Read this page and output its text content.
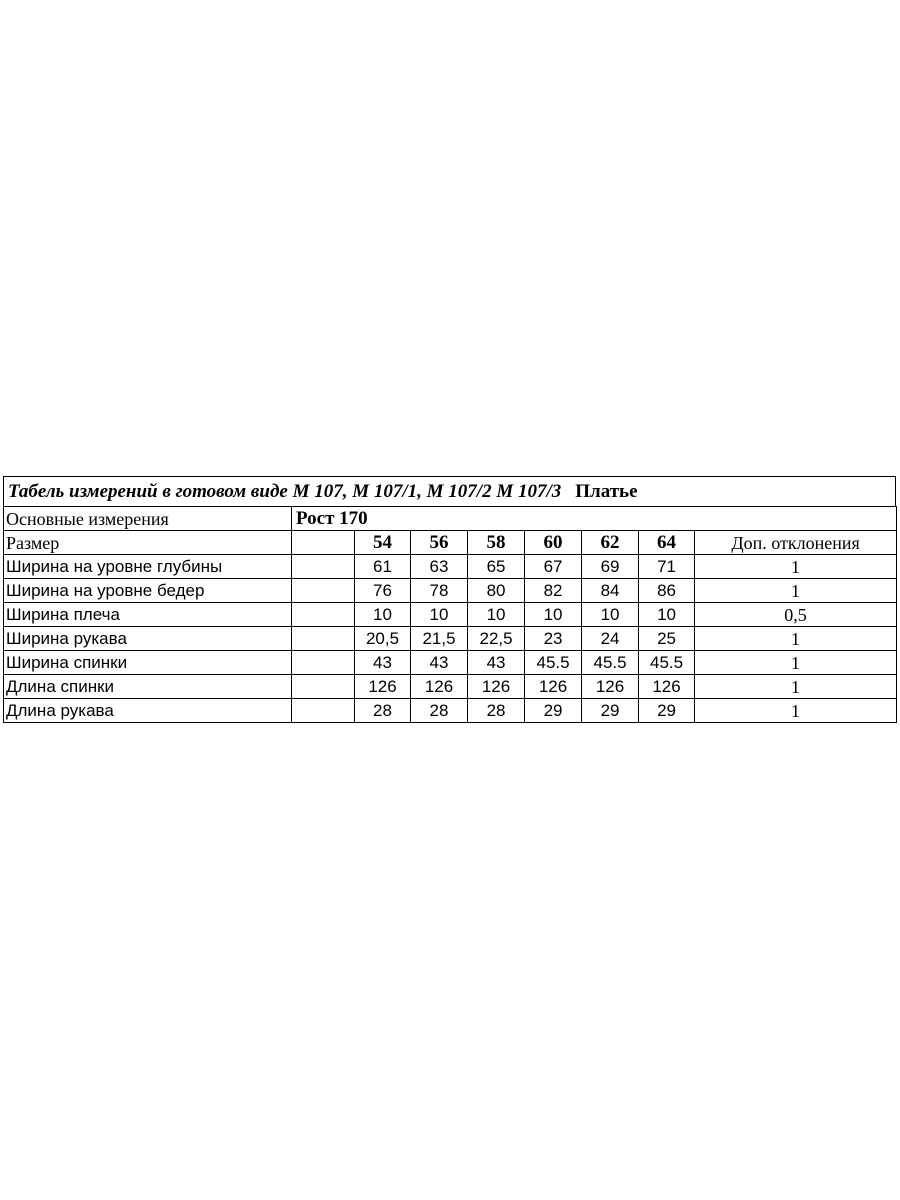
Табель измерений в готовом виде М 107, М 107/1, М 107/2 М 107/3 Платье
Основные измерения	Рост 170							
Размер		54	56	58	60	62	64	Доп. отклонения
Ширина на уровне глубины		61	63	65	67	69	71	1
Ширина на уровне бедер		76	78	80	82	84	86	1
Ширина плеча		10	10	10	10	10	10	0,5
Ширина рукава		20,5	21,5	22,5	23	24	25	1
Ширина спинки		43	43	43	45.5	45.5	45.5	1
Длина спинки		126	126	126	126	126	126	1
Длина рукава		28	28	28	29	29	29	1
